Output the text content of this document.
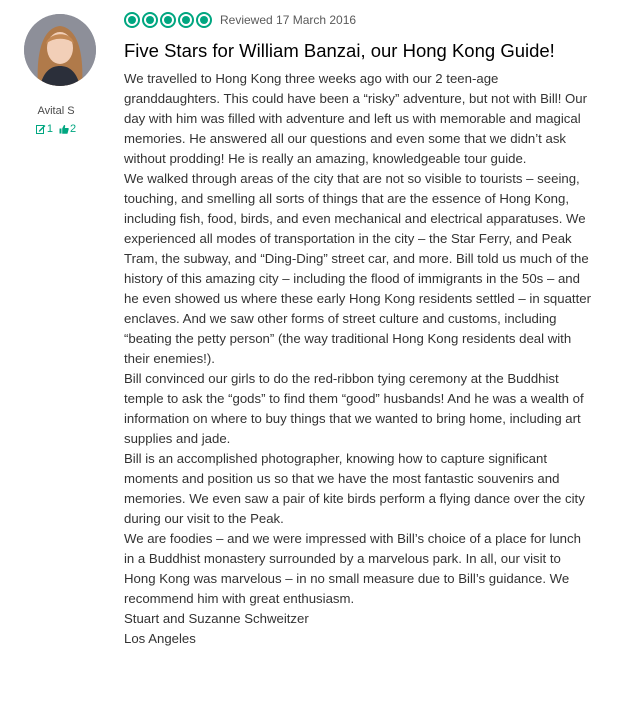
Avital S
1 2
Reviewed 17 March 2016
Five Stars for William Banzai, our Hong Kong Guide!

We travelled to Hong Kong three weeks ago with our 2 teen-age granddaughters. This could have been a “risky” adventure, but not with Bill! Our day with him was filled with adventure and left us with memorable and magical memories. He answered all our questions and even some that we didn’t ask without prodding! He is really an amazing, knowledgeable tour guide.

We walked through areas of the city that are not so visible to tourists – seeing, touching, and smelling all sorts of things that are the essence of Hong Kong, including fish, food, birds, and even mechanical and electrical apparatuses. We experienced all modes of transportation in the city – the Star Ferry, and Peak Tram, the subway, and “Ding-Ding” street car, and more. Bill told us much of the history of this amazing city – including the flood of immigrants in the 50s – and he even showed us where these early Hong Kong residents settled – in squatter enclaves. And we saw other forms of street culture and customs, including “beating the petty person” (the way traditional Hong Kong residents deal with their enemies!).

Bill convinced our girls to do the red-ribbon tying ceremony at the Buddhist temple to ask the “gods” to find them “good” husbands! And he was a wealth of information on where to buy things that we wanted to bring home, including art supplies and jade.

Bill is an accomplished photographer, knowing how to capture significant moments and position us so that we have the most fantastic souvenirs and memories. We even saw a pair of kite birds perform a flying dance over the city during our visit to the Peak.

We are foodies – and we were impressed with Bill’s choice of a place for lunch in a Buddhist monastery surrounded by a marvelous park. In all, our visit to Hong Kong was marvelous – in no small measure due to Bill’s guidance. We recommend him with great enthusiasm.

Stuart and Suzanne Schweitzer

Los Angeles
